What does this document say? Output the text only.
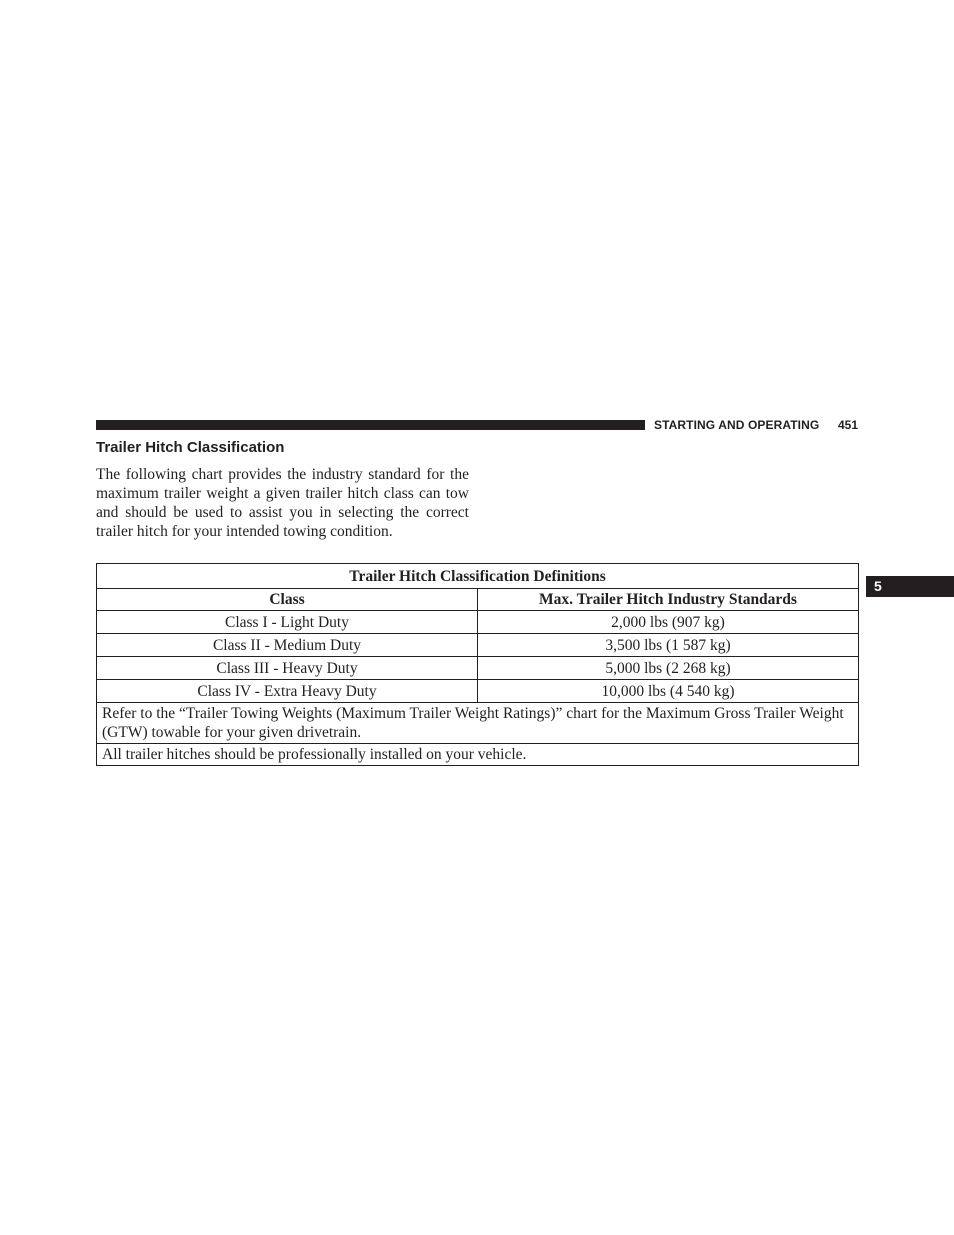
STARTING AND OPERATING 451
5
Trailer Hitch Classification

The following chart provides the industry standard for the maximum trailer weight a given trailer hitch class can tow and should be used to assist you in selecting the correct trailer hitch for your intended towing condition.

Trailer Hitch Classification Definitions	
Class	Max. Trailer Hitch Industry Standards
Class I - Light Duty	2,000 lbs (907 kg)
Class II - Medium Duty	3,500 lbs (1 587 kg)
Class III - Heavy Duty	5,000 lbs (2 268 kg)
Class IV - Extra Heavy Duty	10,000 lbs (4 540 kg)
Refer to the “Trailer Towing Weights (Maximum Trailer Weight Ratings)” chart for the Maximum Gross Trailer Weight (GTW) towable for your given drivetrain.	
All trailer hitches should be professionally installed on your vehicle.	
